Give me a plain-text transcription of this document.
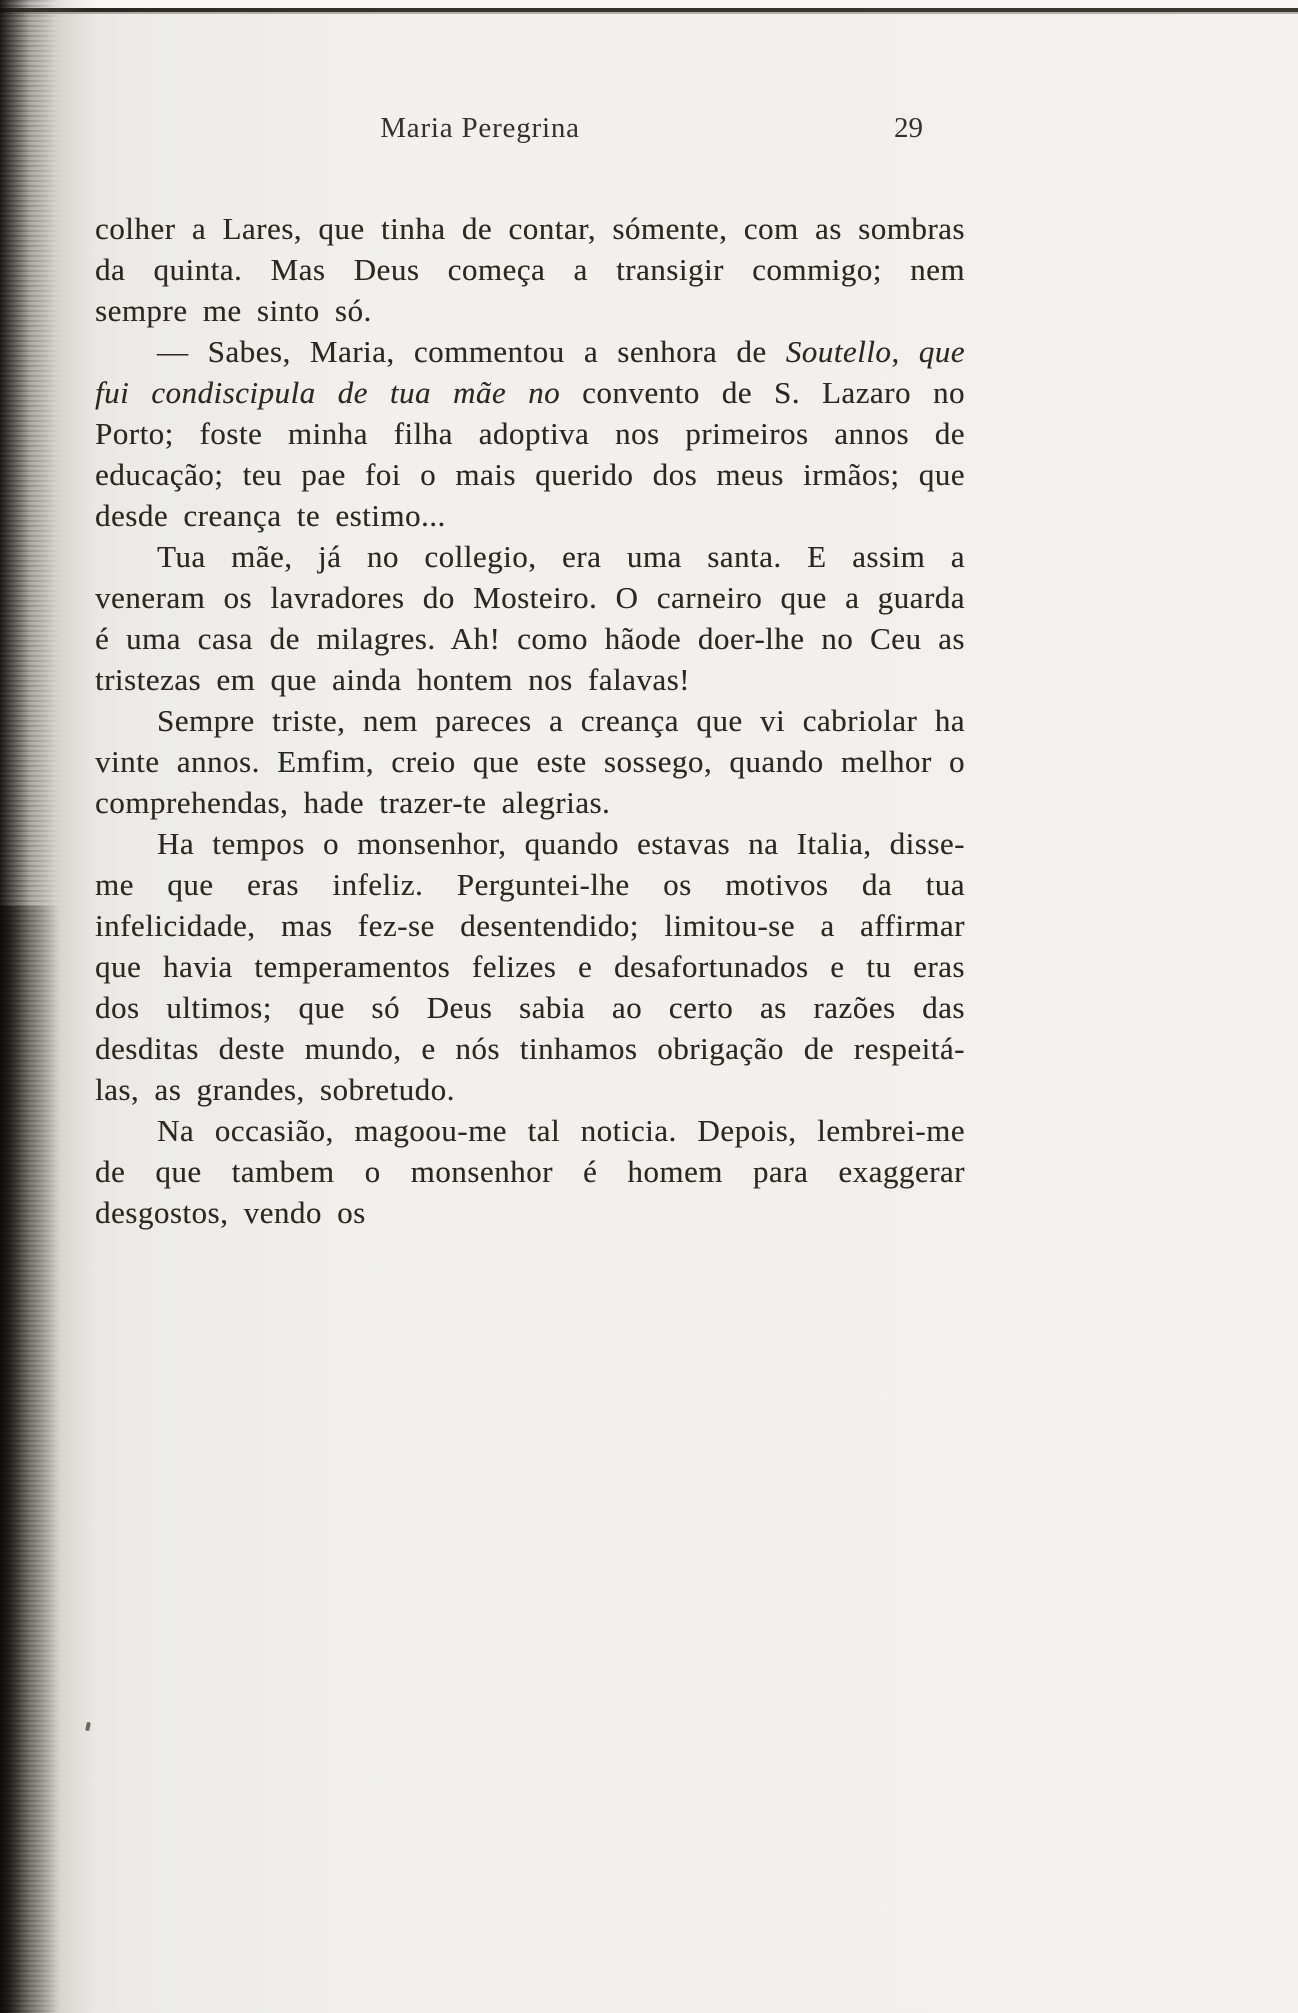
Maria Peregrina	29

colher a Lares, que tinha de contar, sómente, com as sombras da quinta. Mas Deus começa a transigir commigo; nem sempre me sinto só.

— Sabes, Maria, commentou a senhora de Soutello, que fui condiscipula de tua mãe no convento de S. Lazaro no Porto; foste minha filha adoptiva nos primeiros annos de educação; teu pae foi o mais querido dos meus irmãos; que desde creança te estimo...

Tua mãe, já no collegio, era uma santa. E assim a veneram os lavradores do Mosteiro. O carneiro que a guarda é uma casa de milagres. Ah! como hãode doer-lhe no Ceu as tristezas em que ainda hontem nos falavas!

Sempre triste, nem pareces a creança que vi cabriolar ha vinte annos. Emfim, creio que este sossego, quando melhor o comprehendas, hade trazer-te alegrias.

Ha tempos o monsenhor, quando estavas na Italia, disse-me que eras infeliz. Perguntei-lhe os motivos da tua infelicidade, mas fez-se desentendido; limitou-se a affirmar que havia temperamentos felizes e desafortunados e tu eras dos ultimos; que só Deus sabia ao certo as razões das desditas deste mundo, e nós tinhamos obrigação de respeitá-las, as grandes, sobretudo.

Na occasião, magoou-me tal noticia. Depois, lembrei-me de que tambem o monsenhor é homem para exaggerar desgostos, vendo os
